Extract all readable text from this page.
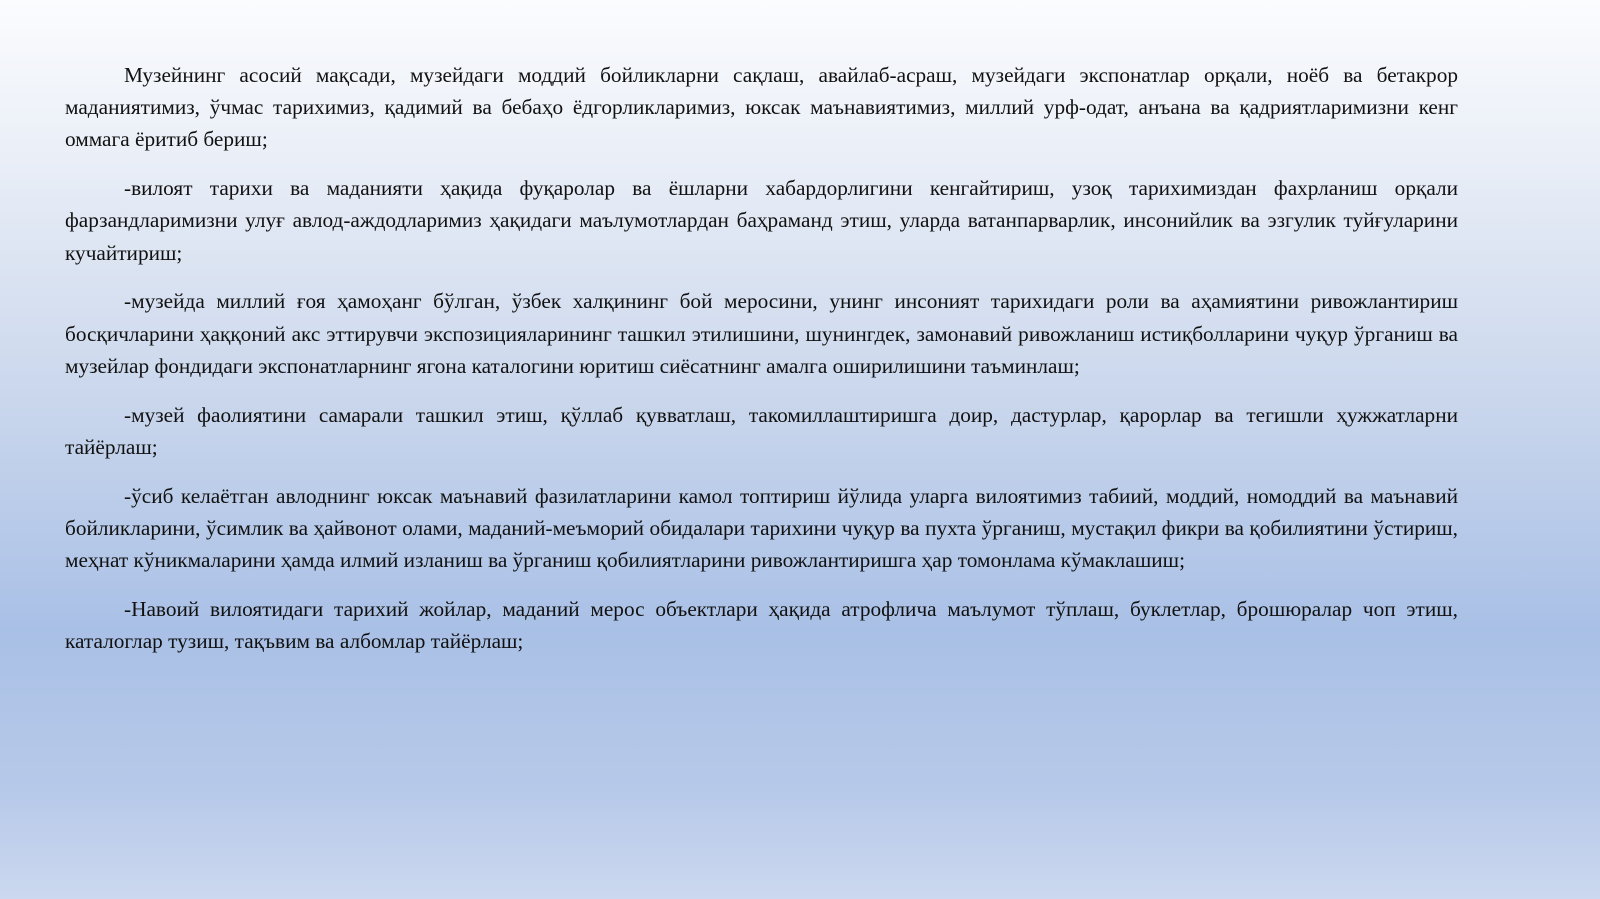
Музейнинг асосий мақсади, музейдаги моддий бойликларни сақлаш, авайлаб-асраш, музейдаги экспонатлар орқали, ноёб ва бетакрор маданиятимиз, ўчмас тарихимиз, қадимий ва бебаҳо ёдгорликларимиз, юксак маънавиятимиз, миллий урф-одат, анъана ва қадриятларимизни кенг оммага ёритиб бериш;

-вилоят тарихи ва маданияти ҳақида фуқаролар ва ёшларни хабардорлигини кенгайтириш, узоқ тарихимиздан фахрланиш орқали фарзандларимизни улуғ авлод-аждодларимиз ҳақидаги маълумотлардан баҳраманд этиш, уларда ватанпарварлик, инсонийлик ва эзгулик туйғуларини кучайтириш;

-музейда миллий ғоя ҳамоҳанг бўлган, ўзбек халқининг бой меросини, унинг инсоният тарихидаги роли ва аҳамиятини ривожлантириш босқичларини ҳаққоний акс эттирувчи экспозицияларининг ташкил этилишини, шунингдек, замонавий ривожланиш истиқболларини чуқур ўрганиш ва музейлар фондидаги экспонатларнинг ягона каталогини юритиш сиёсатнинг амалга оширилишини таъминлаш;

-музей фаолиятини самарали ташкил этиш, қўллаб қувватлаш, такомиллаштиришга доир, дастурлар, қарорлар ва тегишли ҳужжатларни тайёрлаш;

-ўсиб келаётган авлоднинг юксак маънавий фазилатларини камол топтириш йўлида уларга вилоятимиз табиий, моддий, номоддий ва маънавий бойликларини, ўсимлик ва ҳайвонот олами, маданий-меъморий обидалари тарихини чуқур ва пухта ўрганиш, мустақил фикри ва қобилиятини ўстириш, меҳнат кўникмаларини ҳамда илмий изланиш ва ўрганиш қобилиятларини ривожлантиришга ҳар томонлама кўмаклашиш;

-Навоий вилоятидаги тарихий жойлар, маданий мерос объектлари ҳақида атрофлича маълумот тўплаш, буклетлар, брошюралар чоп этиш, каталоглар тузиш, тақъвим ва албомлар тайёрлаш;
